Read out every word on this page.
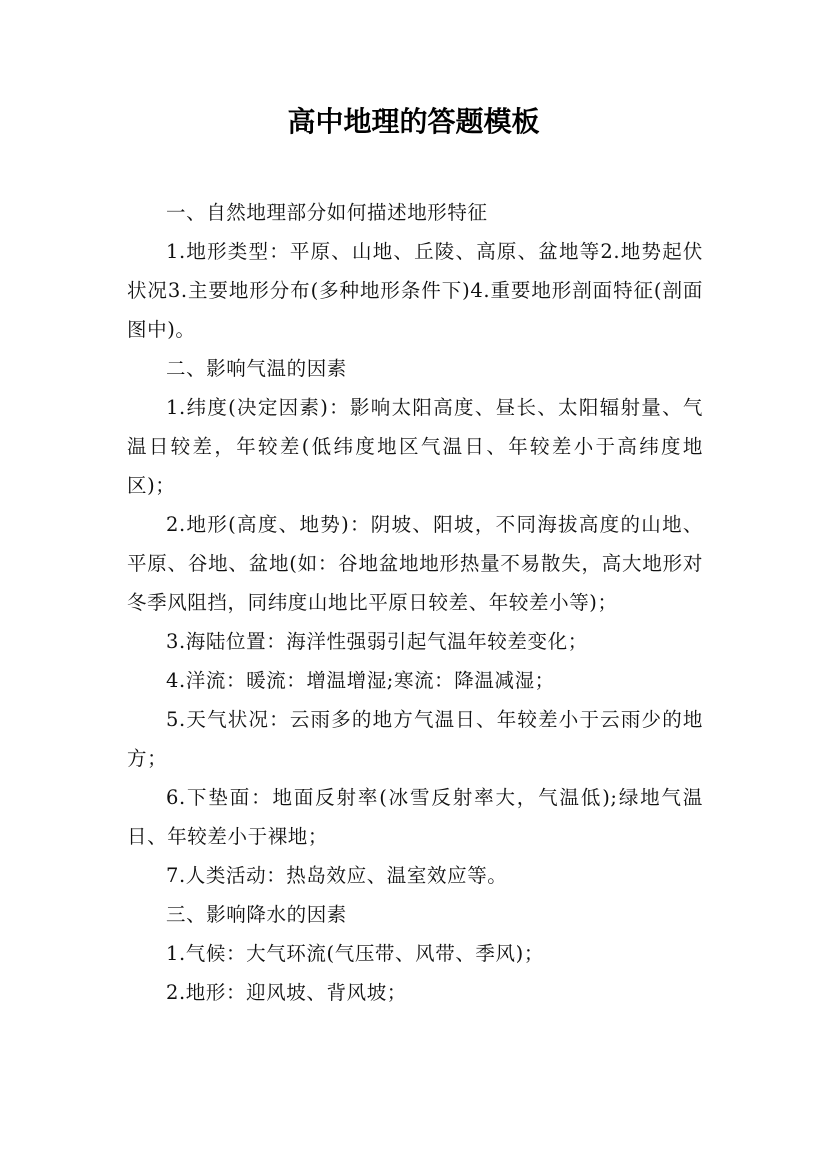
高中地理的答题模板

一、自然地理部分如何描述地形特征

1.地形类型：平原、山地、丘陵、高原、盆地等2.地势起伏状况3.主要地形分布(多种地形条件下)4.重要地形剖面特征(剖面图中)。

二、影响气温的因素

1.纬度(决定因素)：影响太阳高度、昼长、太阳辐射量、气温日较差，年较差(低纬度地区气温日、年较差小于高纬度地区)；

2.地形(高度、地势)：阴坡、阳坡，不同海拔高度的山地、平原、谷地、盆地(如：谷地盆地地形热量不易散失，高大地形对冬季风阻挡，同纬度山地比平原日较差、年较差小等)；

3.海陆位置：海洋性强弱引起气温年较差变化；

4.洋流：暖流：增温增湿;寒流：降温减湿；

5.天气状况：云雨多的地方气温日、年较差小于云雨少的地方；

6.下垫面：地面反射率(冰雪反射率大，气温低);绿地气温日、年较差小于裸地；

7.人类活动：热岛效应、温室效应等。

三、影响降水的因素

1.气候：大气环流(气压带、风带、季风)；

2.地形：迎风坡、背风坡；
